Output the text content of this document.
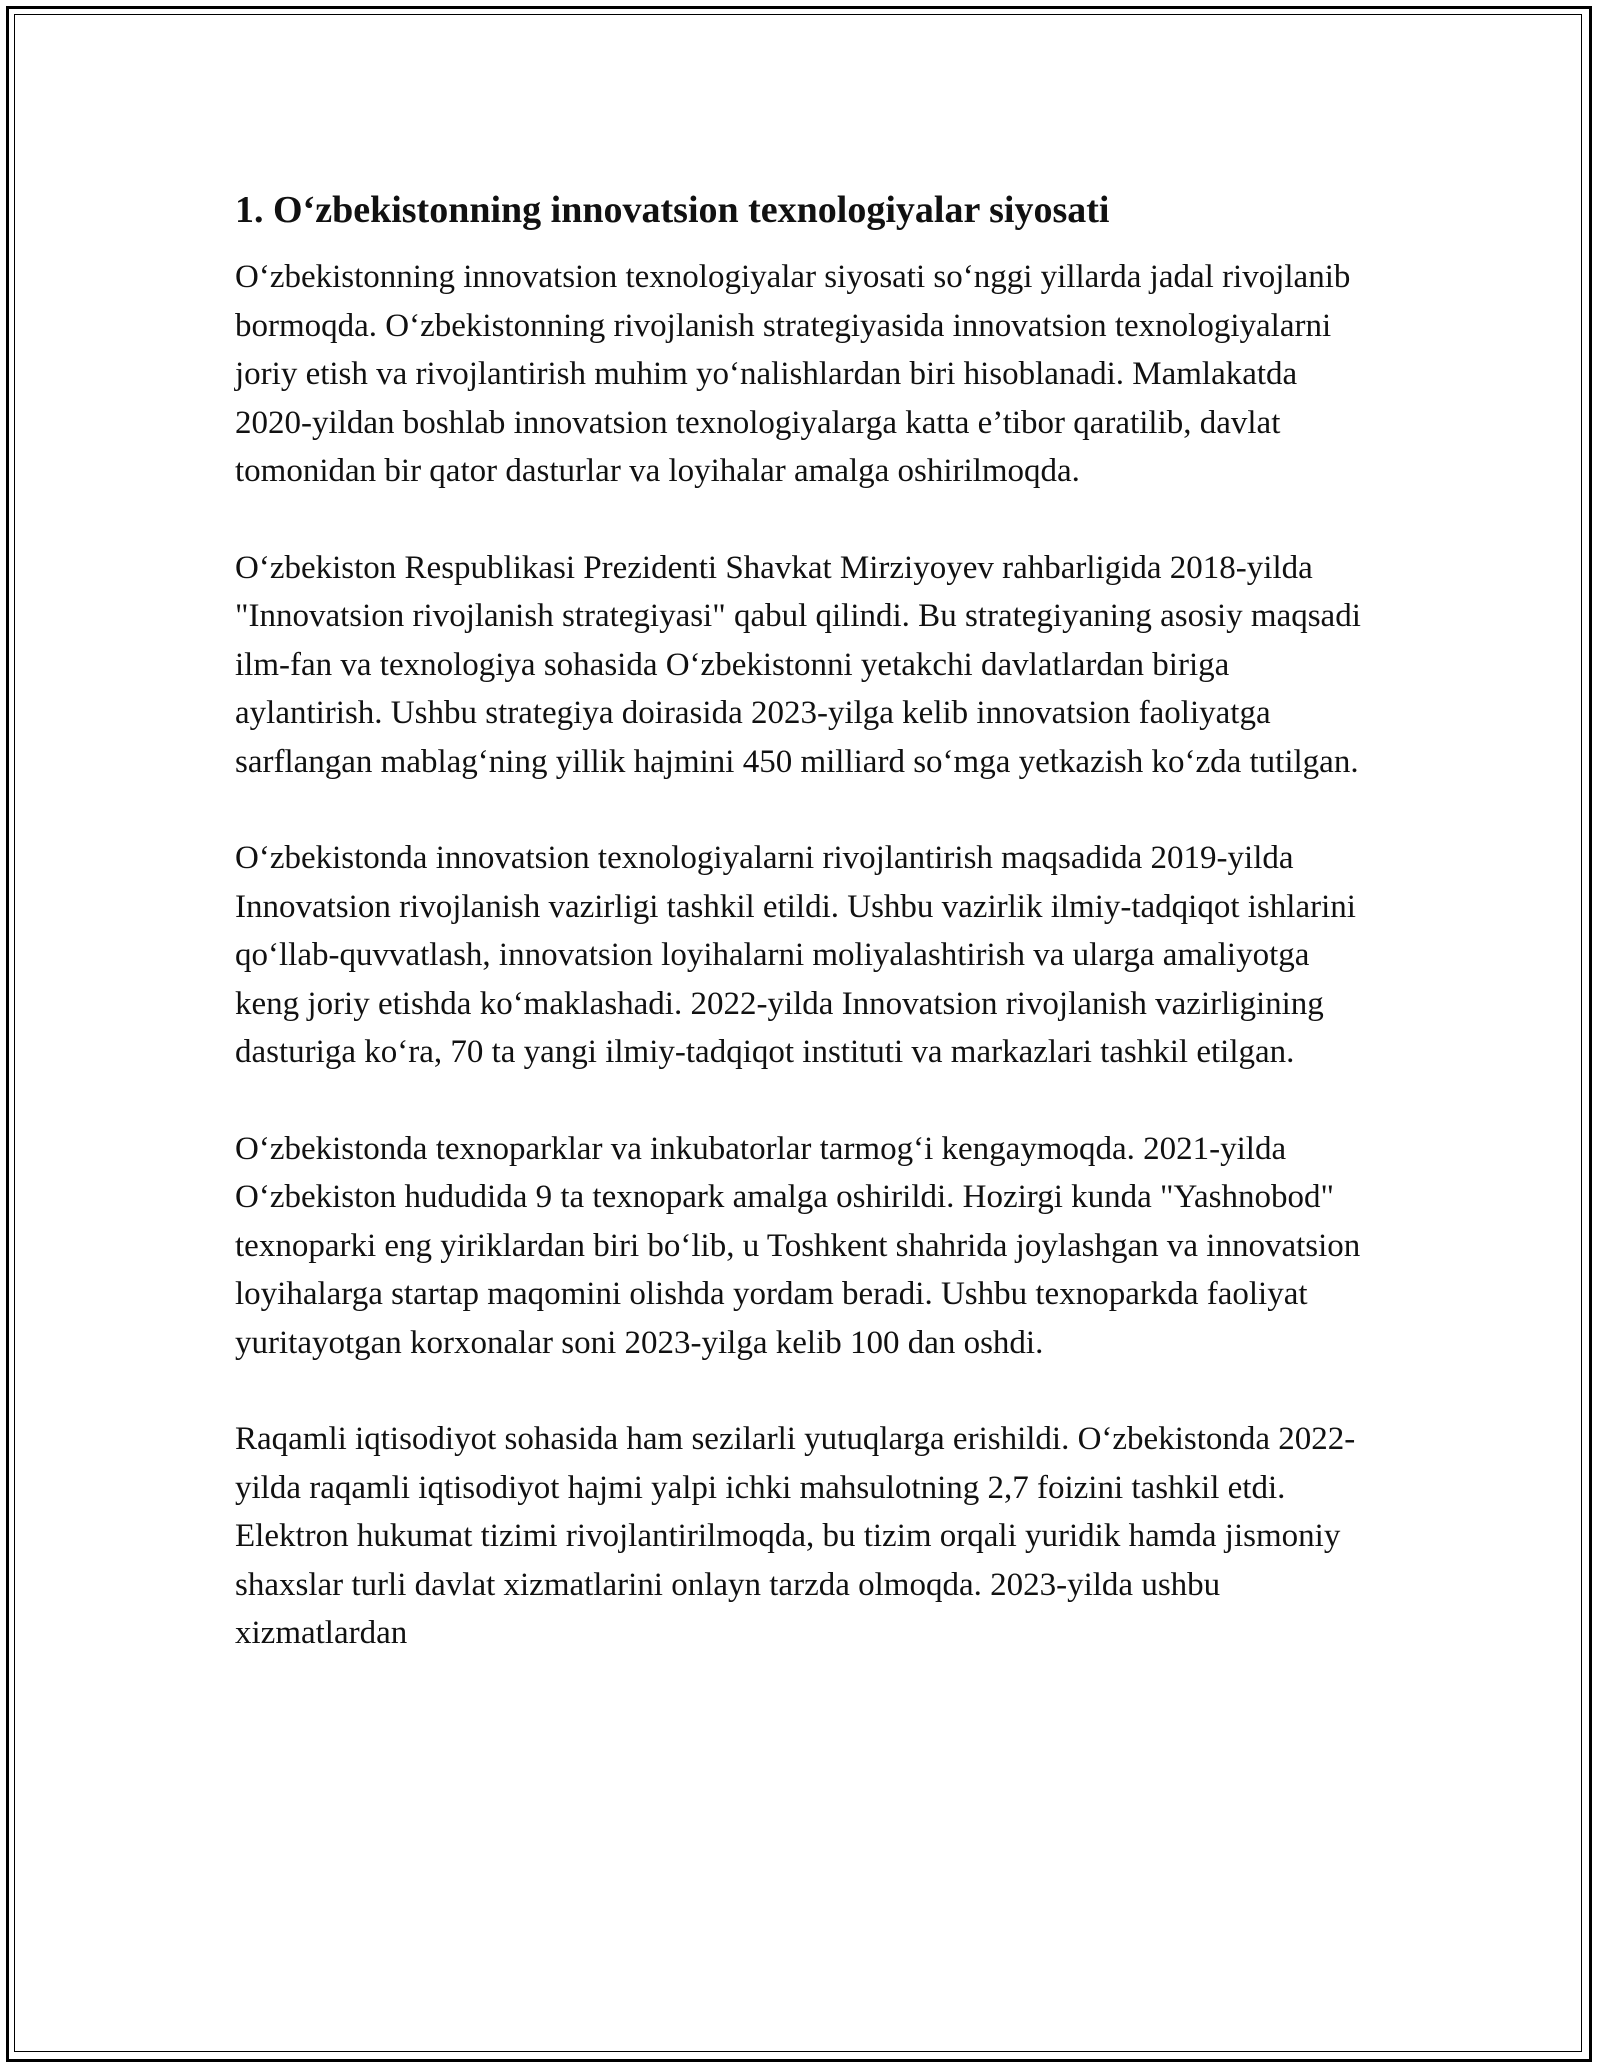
1. O‘zbekistonning innovatsion texnologiyalar siyosati

O‘zbekistonning innovatsion texnologiyalar siyosati so‘nggi yillarda jadal rivojlanib bormoqda. O‘zbekistonning rivojlanish strategiyasida innovatsion texnologiyalarni joriy etish va rivojlantirish muhim yo‘nalishlardan biri hisoblanadi. Mamlakatda 2020-yildan boshlab innovatsion texnologiyalarga katta e’tibor qaratilib, davlat tomonidan bir qator dasturlar va loyihalar amalga oshirilmoqda.

O‘zbekiston Respublikasi Prezidenti Shavkat Mirziyoyev rahbarligida 2018-yilda "Innovatsion rivojlanish strategiyasi" qabul qilindi. Bu strategiyaning asosiy maqsadi ilm-fan va texnologiya sohasida O‘zbekistonni yetakchi davlatlardan biriga aylantirish. Ushbu strategiya doirasida 2023-yilga kelib innovatsion faoliyatga sarflangan mablag‘ning yillik hajmini 450 milliard so‘mga yetkazish ko‘zda tutilgan.

O‘zbekistonda innovatsion texnologiyalarni rivojlantirish maqsadida 2019-yilda Innovatsion rivojlanish vazirligi tashkil etildi. Ushbu vazirlik ilmiy-tadqiqot ishlarini qo‘llab-quvvatlash, innovatsion loyihalarni moliyalashtirish va ularga amaliyotga keng joriy etishda ko‘maklashadi. 2022-yilda Innovatsion rivojlanish vazirligining dasturiga ko‘ra, 70 ta yangi ilmiy-tadqiqot instituti va markazlari tashkil etilgan.

O‘zbekistonda texnoparklar va inkubatorlar tarmog‘i kengaymoqda. 2021-yilda O‘zbekiston hududida 9 ta texnopark amalga oshirildi. Hozirgi kunda "Yashnobod" texnoparki eng yiriklardan biri bo‘lib, u Toshkent shahrida joylashgan va innovatsion loyihalarga startap maqomini olishda yordam beradi. Ushbu texnoparkda faoliyat yuritayotgan korxonalar soni 2023-yilga kelib 100 dan oshdi.

Raqamli iqtisodiyot sohasida ham sezilarli yutuqlarga erishildi. O‘zbekistonda 2022-yilda raqamli iqtisodiyot hajmi yalpi ichki mahsulotning 2,7 foizini tashkil etdi. Elektron hukumat tizimi rivojlantirilmoqda, bu tizim orqali yuridik hamda jismoniy shaxslar turli davlat xizmatlarini onlayn tarzda olmoqda. 2023-yilda ushbu xizmatlardan
